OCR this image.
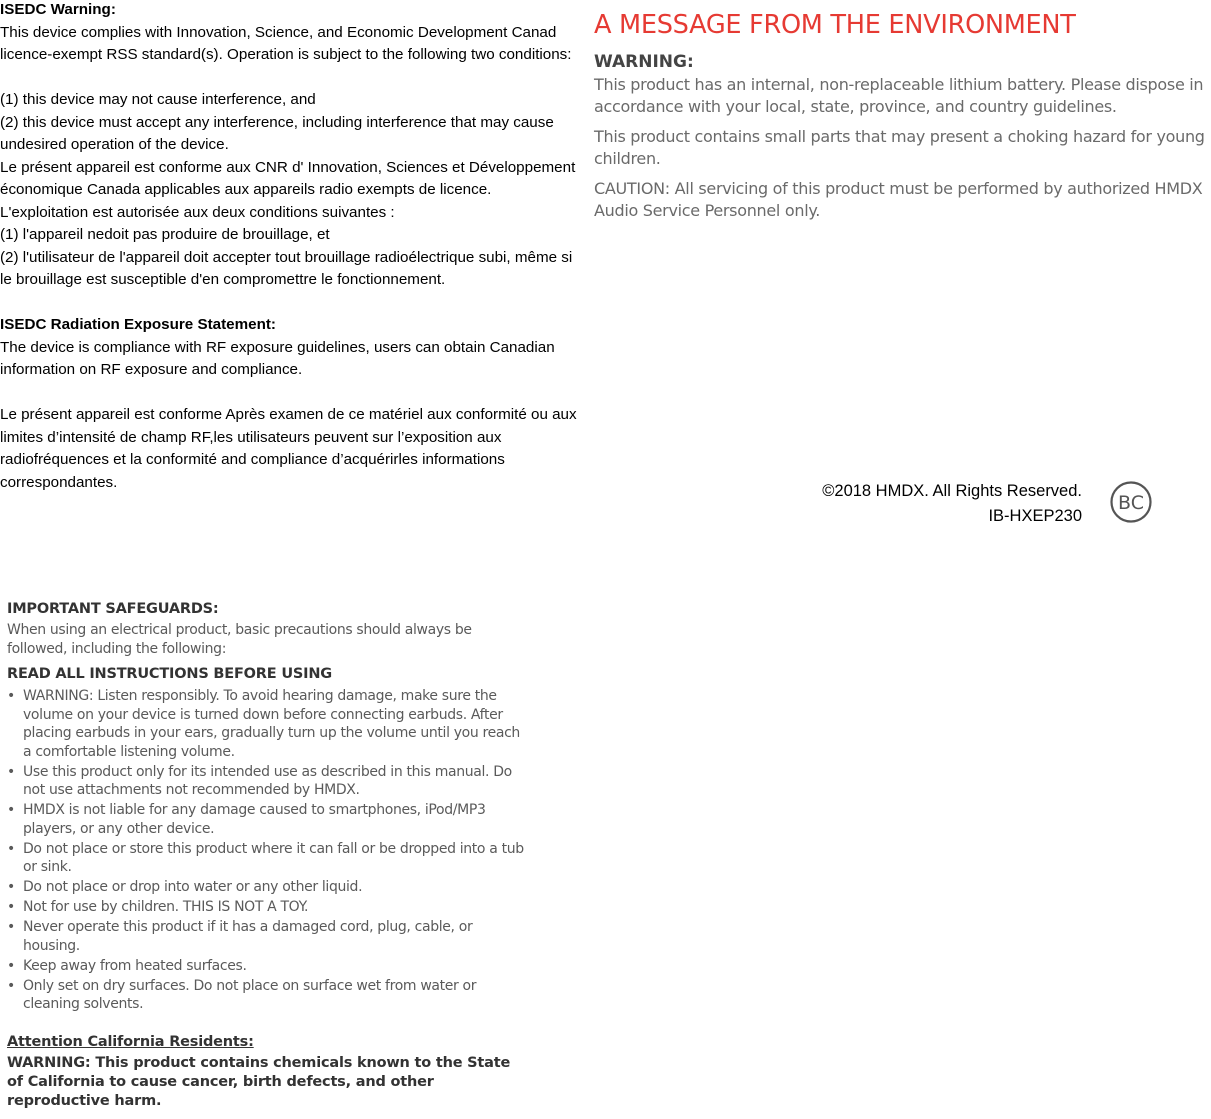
ISEDC Warning:

This device complies with Innovation, Science, and Economic Development Canad licence-exempt RSS standard(s). Operation is subject to the following two conditions:

(1) this device may not cause interference, and

(2) this device must accept any interference, including interference that may cause undesired operation of the device.

Le présent appareil est conforme aux CNR d' Innovation, Sciences et Développement économique Canada applicables aux appareils radio exempts de licence. L'exploitation est autorisée aux deux conditions suivantes :

(1) l'appareil nedoit pas produire de brouillage, et

(2) l'utilisateur de l'appareil doit accepter tout brouillage radioélectrique subi, même si le brouillage est susceptible d'en compromettre le fonctionnement.

ISEDC Radiation Exposure Statement:

The device is compliance with RF exposure guidelines, users can obtain Canadian information on RF exposure and compliance.

Le présent appareil est conforme Après examen de ce matériel aux conformité ou aux limites d’intensité de champ RF,les utilisateurs peuvent sur l’exposition aux radiofréquences et la conformité and compliance d’acquérirles informations correspondantes.

A MESSAGE FROM THE ENVIRONMENT
WARNING:

This product has an internal, non-replaceable lithium battery. Please dispose in accordance with your local, state, province, and country guidelines.

This product contains small parts that may present a choking hazard for young children.

CAUTION: All servicing of this product must be performed by authorized HMDX Audio Service Personnel only.

©2018 HMDX. All Rights Reserved.
IB-HXEP230
BC
IMPORTANT SAFEGUARDS:
When using an electrical product, basic precautions should always be followed, including the following:
READ ALL INSTRUCTIONS BEFORE USING
• WARNING: Listen responsibly. To avoid hearing damage, make sure the volume on your device is turned down before connecting earbuds. After placing earbuds in your ears, gradually turn up the volume until you reach a comfortable listening volume.
• Use this product only for its intended use as described in this manual. Do not use attachments not recommended by HMDX.
• HMDX is not liable for any damage caused to smartphones, iPod/MP3 players, or any other device.
• Do not place or store this product where it can fall or be dropped into a tub or sink.
• Do not place or drop into water or any other liquid.
• Not for use by children. THIS IS NOT A TOY.
• Never operate this product if it has a damaged cord, plug, cable, or housing.
• Keep away from heated surfaces.
• Only set on dry surfaces. Do not place on surface wet from water or cleaning solvents.
Attention California Residents:
WARNING: This product contains chemicals known to the State of California to cause cancer, birth defects, and other reproductive harm.
